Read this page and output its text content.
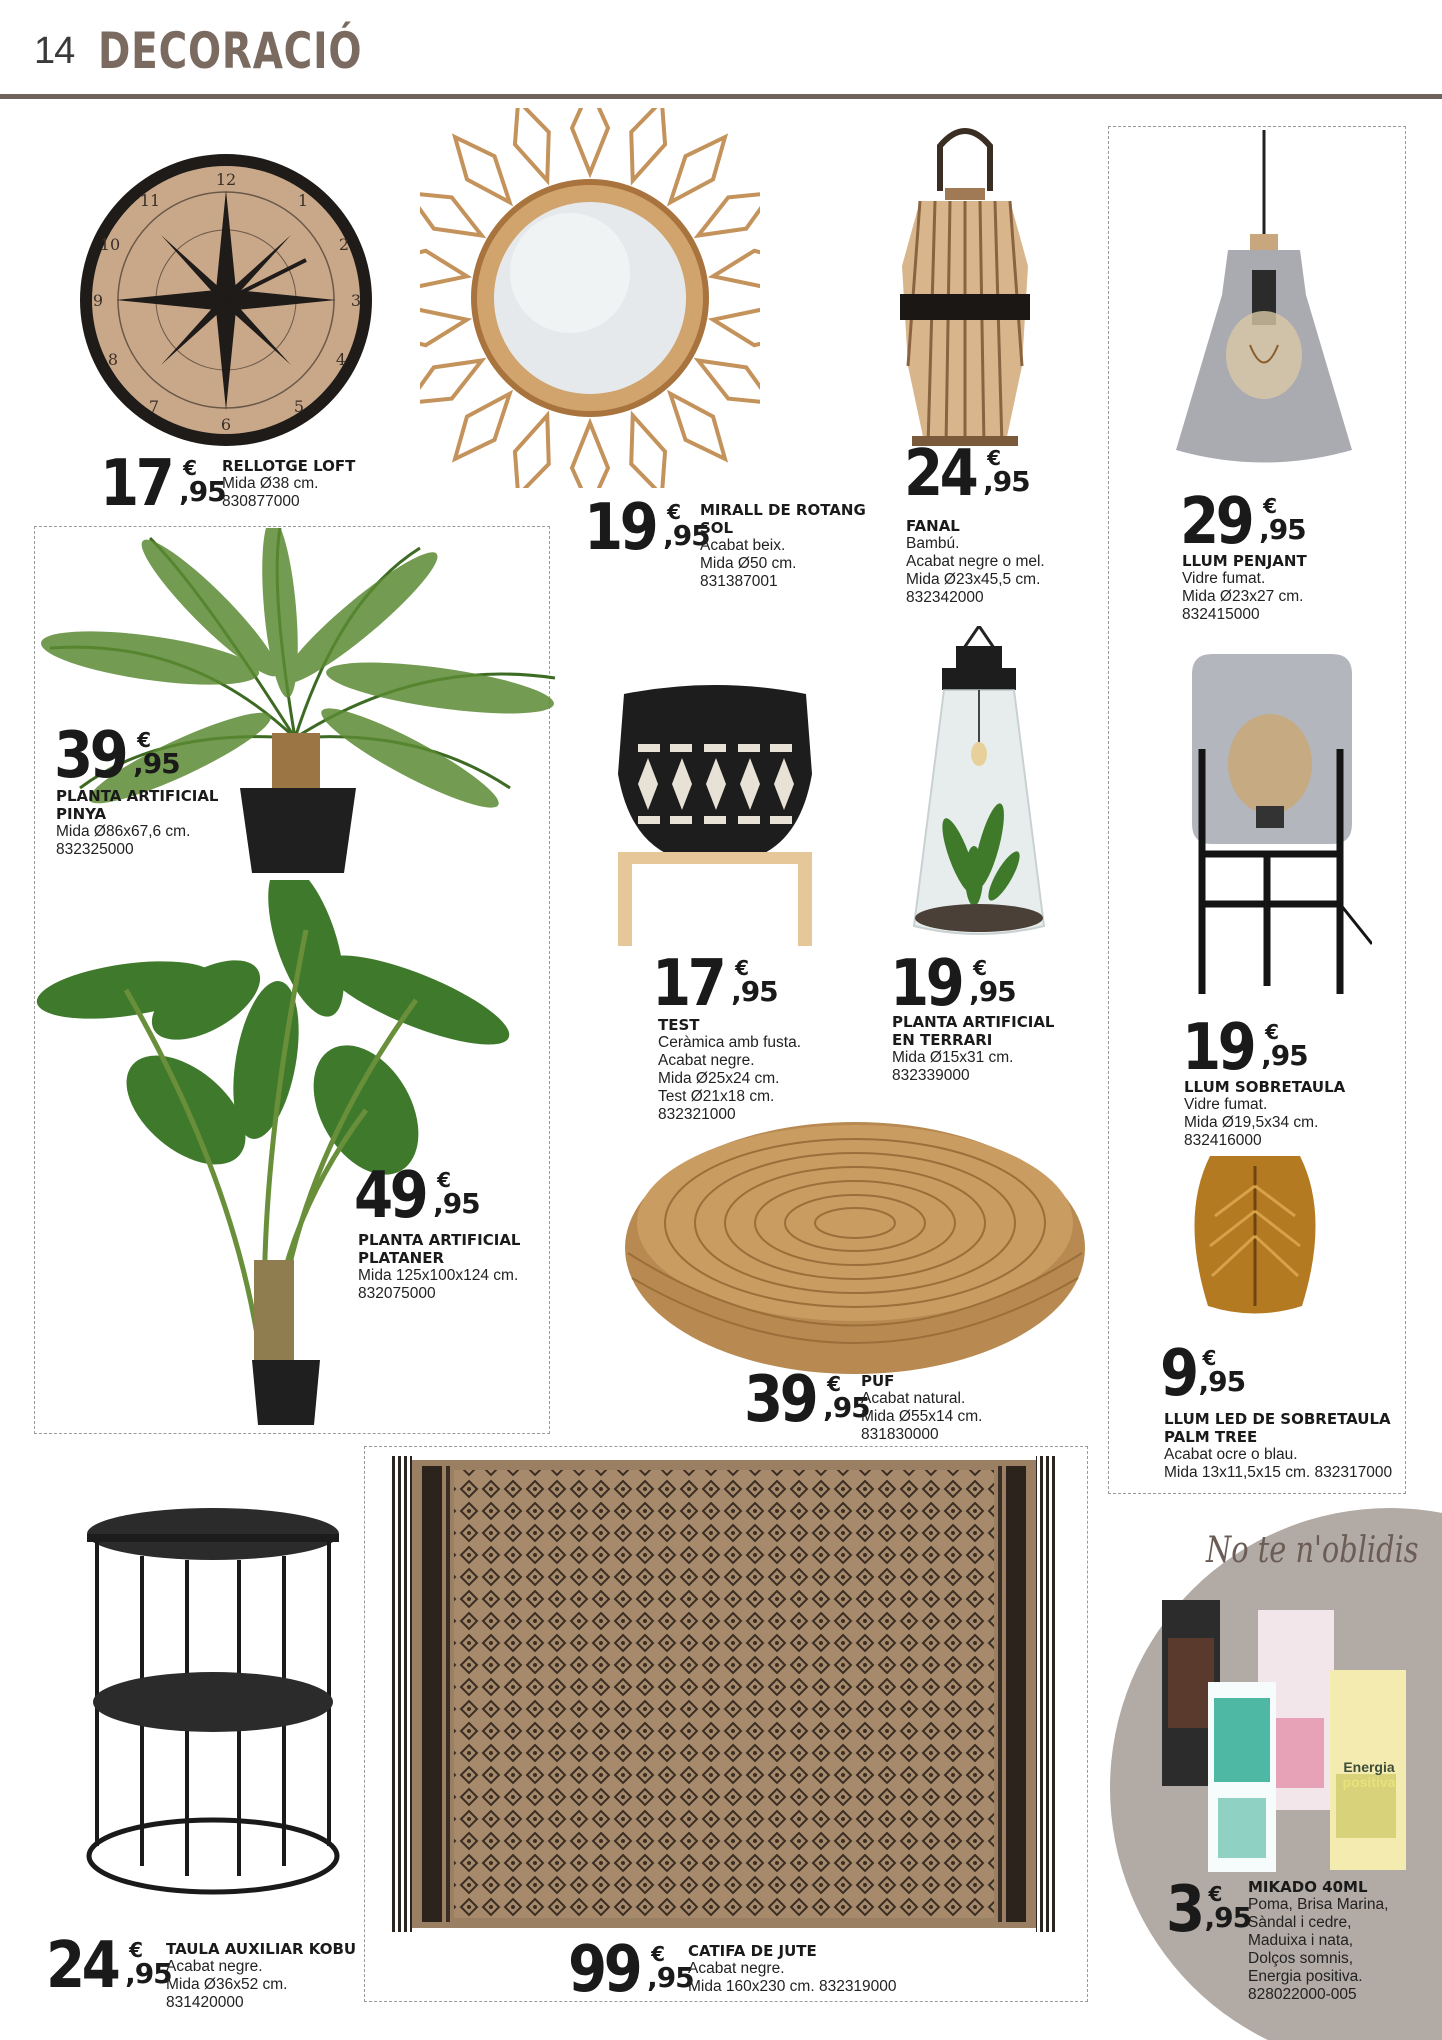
14 DECORACIÓ
12
1
2
3
4
5
6
7
8
9
10
11
17 €
,95
RELLOTGE LOFT
Mida Ø38 cm.
830877000	19 €
,95
MIRALL DE ROTANG
SOL
Acabat beix.
Mida Ø50 cm.
831387001
24 €
,95
FANAL
Bambú.
Acabat negre o mel.
Mida Ø23x45,5 cm.
832342000
29 €
,95
LLUM PENJANT
Vidre fumat.
Mida Ø23x27 cm.
832415000
39 €
,95
PLANTA ARTIFICIAL
PINYA
Mida Ø86x67,6 cm.
832325000
49 €
,95
PLANTA ARTIFICIAL
PLATANER
Mida 125x100x124 cm.
832075000
17 €
,95
TEST
Ceràmica amb fusta.
Acabat negre.
Mida Ø25x24 cm.
Test Ø21x18 cm.
832321000
19 €
,95
PLANTA ARTIFICIAL
EN TERRARI
Mida Ø15x31 cm.
832339000	19 €
,95
LLUM SOBRETAULA
Vidre fumat.
Mida Ø19,5x34 cm.
832416000
39 €
,95
PUF
Acabat natural.
Mida Ø55x14 cm.
831830000
9 €
,95
LLUM LED DE SOBRETAULA
PALM TREE
Acabat ocre o blau.
Mida 13x11,5x15 cm. 832317000
24 €
,95
TAULA AUXILIAR KOBU
Acabat negre.
Mida Ø36x52 cm.
831420000	99 €
,95
CATIFA DE JUTE
Acabat negre.
Mida 160x230 cm. 832319000
No te n'oblidis
Energia
positiva
3 €
,95
MIKADO 40ML
Poma, Brisa Marina,
Sàndal i cedre,
Maduixa i nata,
Dolços somnis,
Energia positiva.
828022000-005
